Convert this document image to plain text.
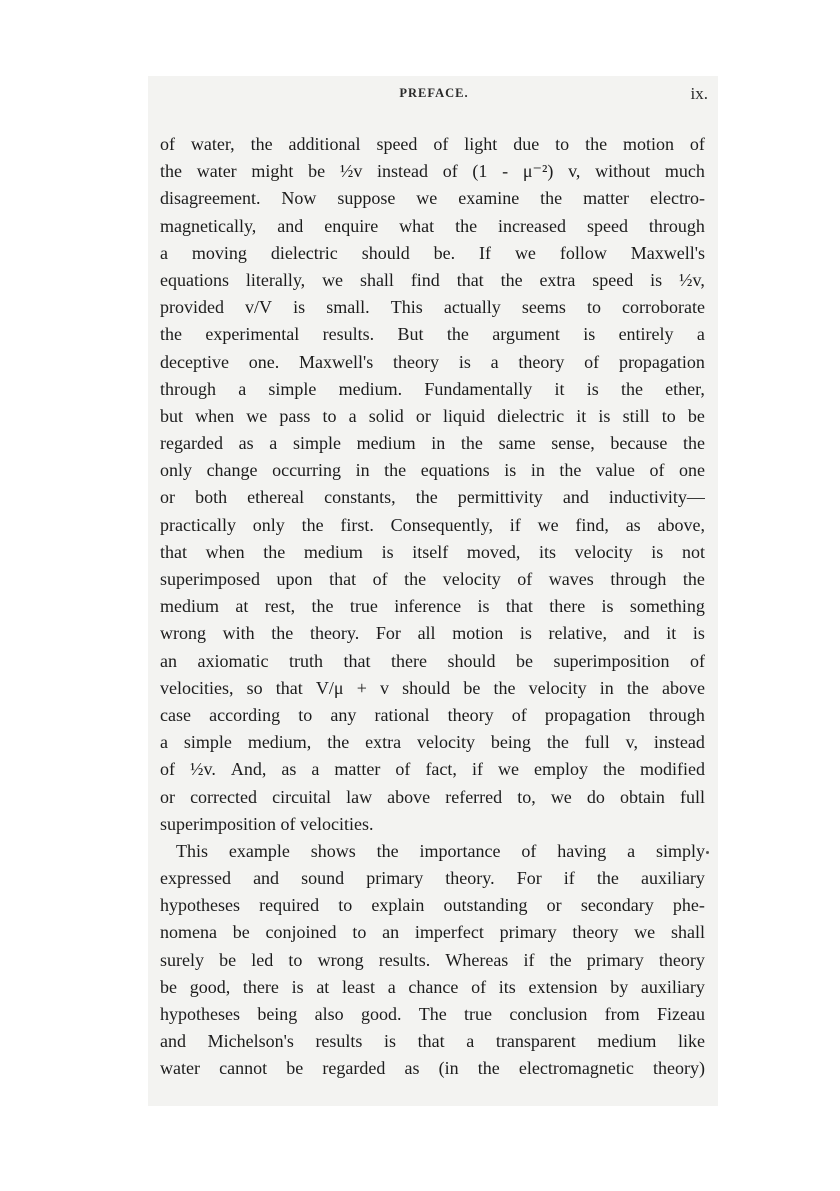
PREFACE.	ix.
of water, the additional speed of light due to the motion of
the water might be ½v instead of (1 - μ⁻²) v, without much
disagreement. Now suppose we examine the matter electro-
magnetically, and enquire what the increased speed through
a moving dielectric should be. If we follow Maxwell's
equations literally, we shall find that the extra speed is ½v,
provided v/V is small. This actually seems to corroborate
the experimental results. But the argument is entirely a
deceptive one. Maxwell's theory is a theory of propagation
through a simple medium. Fundamentally it is the ether,
but when we pass to a solid or liquid dielectric it is still to be
regarded as a simple medium in the same sense, because the
only change occurring in the equations is in the value of one
or both ethereal constants, the permittivity and inductivity—
practically only the first. Consequently, if we find, as above,
that when the medium is itself moved, its velocity is not
superimposed upon that of the velocity of waves through the
medium at rest, the true inference is that there is something
wrong with the theory. For all motion is relative, and it is
an axiomatic truth that there should be superimposition of
velocities, so that V/μ + v should be the velocity in the above
case according to any rational theory of propagation through
a simple medium, the extra velocity being the full v, instead
of ½v. And, as a matter of fact, if we employ the modified
or corrected circuital law above referred to, we do obtain full
superimposition of velocities.
This example shows the importance of having a simply
expressed and sound primary theory. For if the auxiliary
hypotheses required to explain outstanding or secondary phe-
nomena be conjoined to an imperfect primary theory we shall
surely be led to wrong results. Whereas if the primary theory
be good, there is at least a chance of its extension by auxiliary
hypotheses being also good. The true conclusion from Fizeau
and Michelson's results is that a transparent medium like
water cannot be regarded as (in the electromagnetic theory)
